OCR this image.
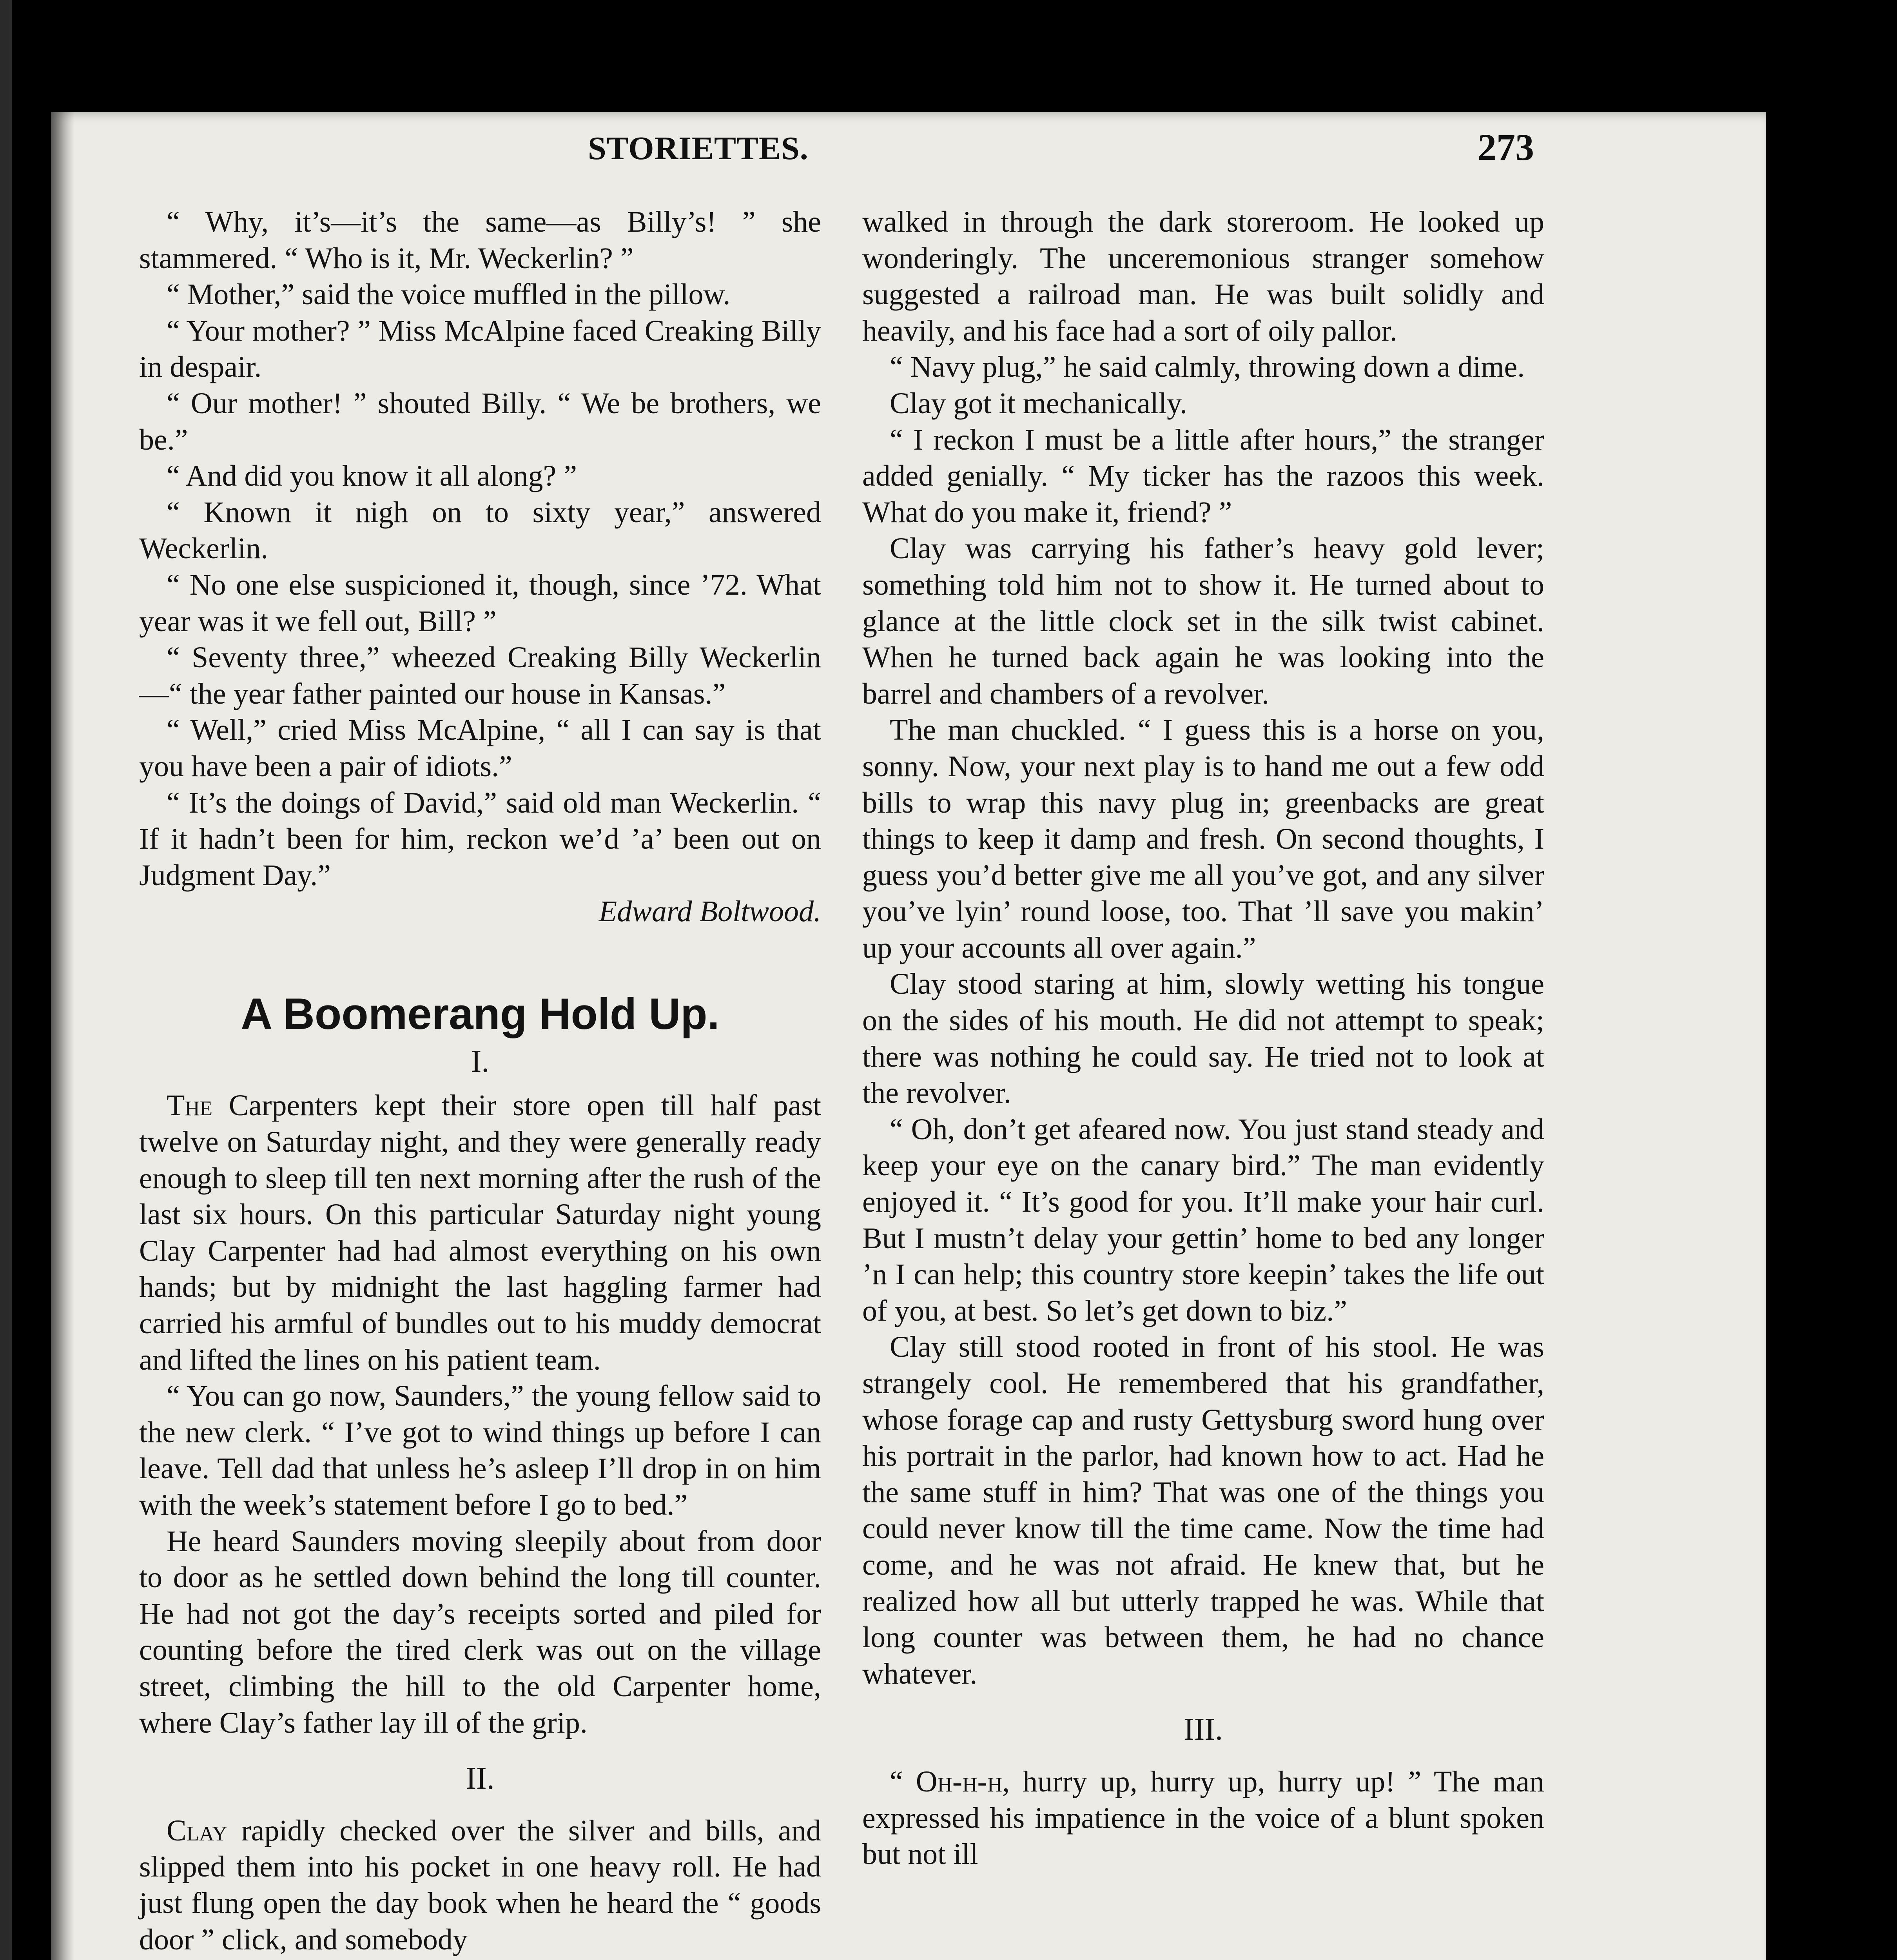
STORIETTES.	273

“ Why, it’s—it’s the same—as Billy’s! ” she stammered. “ Who is it, Mr. Weckerlin? ”

“ Mother,” said the voice muffled in the pillow.

“ Your mother? ” Miss McAlpine faced Creaking Billy in despair.

“ Our mother! ” shouted Billy. “ We be brothers, we be.”

“ And did you know it all along? ”

“ Known it nigh on to sixty year,” answered Weckerlin.

“ No one else suspicioned it, though, since ’72. What year was it we fell out, Bill? ”

“ Seventy three,” wheezed Creaking Billy Weckerlin—“ the year father painted our house in Kansas.”

“ Well,” cried Miss McAlpine, “ all I can say is that you have been a pair of idiots.”

“ It’s the doings of David,” said old man Weckerlin. “ If it hadn’t been for him, reckon we’d ’a’ been out on Judgment Day.”

Edward Boltwood.

A Boomerang Hold Up.
I.

The Carpenters kept their store open till half past twelve on Saturday night, and they were generally ready enough to sleep till ten next morning after the rush of the last six hours. On this particular Saturday night young Clay Carpenter had had almost everything on his own hands; but by midnight the last haggling farmer had carried his armful of bundles out to his muddy democrat and lifted the lines on his patient team.

“ You can go now, Saunders,” the young fellow said to the new clerk. “ I’ve got to wind things up before I can leave. Tell dad that unless he’s asleep I’ll drop in on him with the week’s statement before I go to bed.”

He heard Saunders moving sleepily about from door to door as he settled down behind the long till counter. He had not got the day’s receipts sorted and piled for counting before the tired clerk was out on the village street, climbing the hill to the old Carpenter home, where Clay’s father lay ill of the grip.

II.

Clay rapidly checked over the silver and bills, and slipped them into his pocket in one heavy roll. He had just flung open the day book when he heard the “ goods door ” click, and somebody

walked in through the dark storeroom. He looked up wonderingly. The unceremonious stranger somehow suggested a railroad man. He was built solidly and heavily, and his face had a sort of oily pallor.

“ Navy plug,” he said calmly, throwing down a dime.

Clay got it mechanically.

“ I reckon I must be a little after hours,” the stranger added genially. “ My ticker has the razoos this week. What do you make it, friend? ”

Clay was carrying his father’s heavy gold lever; something told him not to show it. He turned about to glance at the little clock set in the silk twist cabinet. When he turned back again he was looking into the barrel and chambers of a revolver.

The man chuckled. “ I guess this is a horse on you, sonny. Now, your next play is to hand me out a few odd bills to wrap this navy plug in; greenbacks are great things to keep it damp and fresh. On second thoughts, I guess you’d better give me all you’ve got, and any silver you’ve lyin’ round loose, too. That ’ll save you makin’ up your accounts all over again.”

Clay stood staring at him, slowly wetting his tongue on the sides of his mouth. He did not attempt to speak; there was nothing he could say. He tried not to look at the revolver.

“ Oh, don’t get afeared now. You just stand steady and keep your eye on the canary bird.” The man evidently enjoyed it. “ It’s good for you. It’ll make your hair curl. But I mustn’t delay your gettin’ home to bed any longer ’n I can help; this country store keepin’ takes the life out of you, at best. So let’s get down to biz.”

Clay still stood rooted in front of his stool. He was strangely cool. He remembered that his grandfather, whose forage cap and rusty Gettysburg sword hung over his portrait in the parlor, had known how to act. Had he the same stuff in him? That was one of the things you could never know till the time came. Now the time had come, and he was not afraid. He knew that, but he realized how all but utterly trapped he was. While that long counter was between them, he had no chance whatever.

III.

“ Oh-h-h, hurry up, hurry up, hurry up! ” The man expressed his impatience in the voice of a blunt spoken but not ill
